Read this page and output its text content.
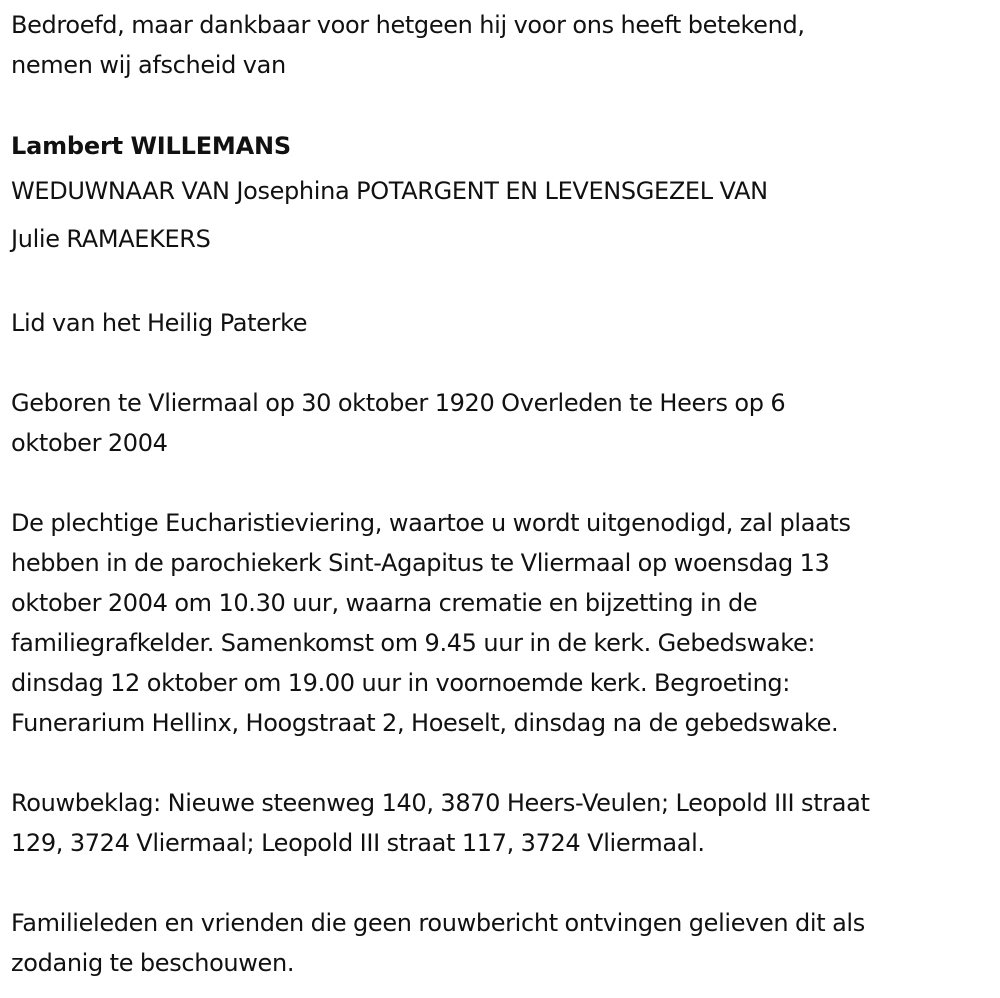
Bedroefd, maar dankbaar voor hetgeen hij voor ons heeft betekend,
nemen wij afscheid van

Lambert WILLEMANS

WEDUWNAAR VAN Josephina POTARGENT EN LEVENSGEZEL VAN
Julie RAMAEKERS

Lid van het Heilig Paterke

Geboren te Vliermaal op 30 oktober 1920 Overleden te Heers op 6
oktober 2004

De plechtige Eucharistieviering, waartoe u wordt uitgenodigd, zal plaats
hebben in de parochiekerk Sint-Agapitus te Vliermaal op woensdag 13
oktober 2004 om 10.30 uur, waarna crematie en bijzetting in de
familiegrafkelder. Samenkomst om 9.45 uur in de kerk. Gebedswake:
dinsdag 12 oktober om 19.00 uur in voornoemde kerk. Begroeting:
Funerarium Hellinx, Hoogstraat 2, Hoeselt, dinsdag na de gebedswake.

Rouwbeklag: Nieuwe steenweg 140, 3870 Heers-Veulen; Leopold III straat
129, 3724 Vliermaal; Leopold III straat 117, 3724 Vliermaal.

Familieleden en vrienden die geen rouwbericht ontvingen gelieven dit als
zodanig te beschouwen.
